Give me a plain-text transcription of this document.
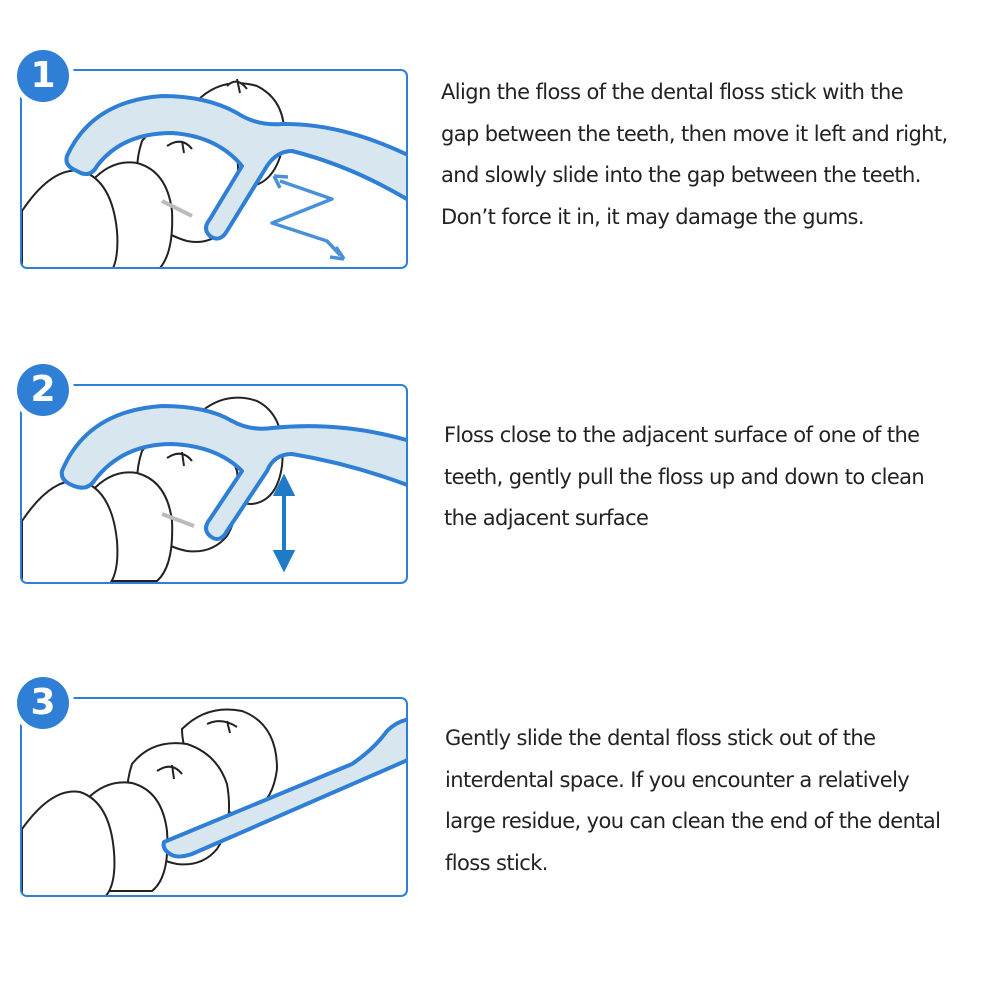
1	Align the floss of the dental floss stick with the
gap between the teeth, then move it left and right,
and slowly slide into the gap between the teeth.
Don’t force it in, it may damage the gums.
2
Floss close to the adjacent surface of one of the
teeth, gently pull the floss up and down to clean
the adjacent surface
3
Gently slide the dental floss stick out of the
interdental space. If you encounter a relatively
large residue, you can clean the end of the dental
floss stick.
